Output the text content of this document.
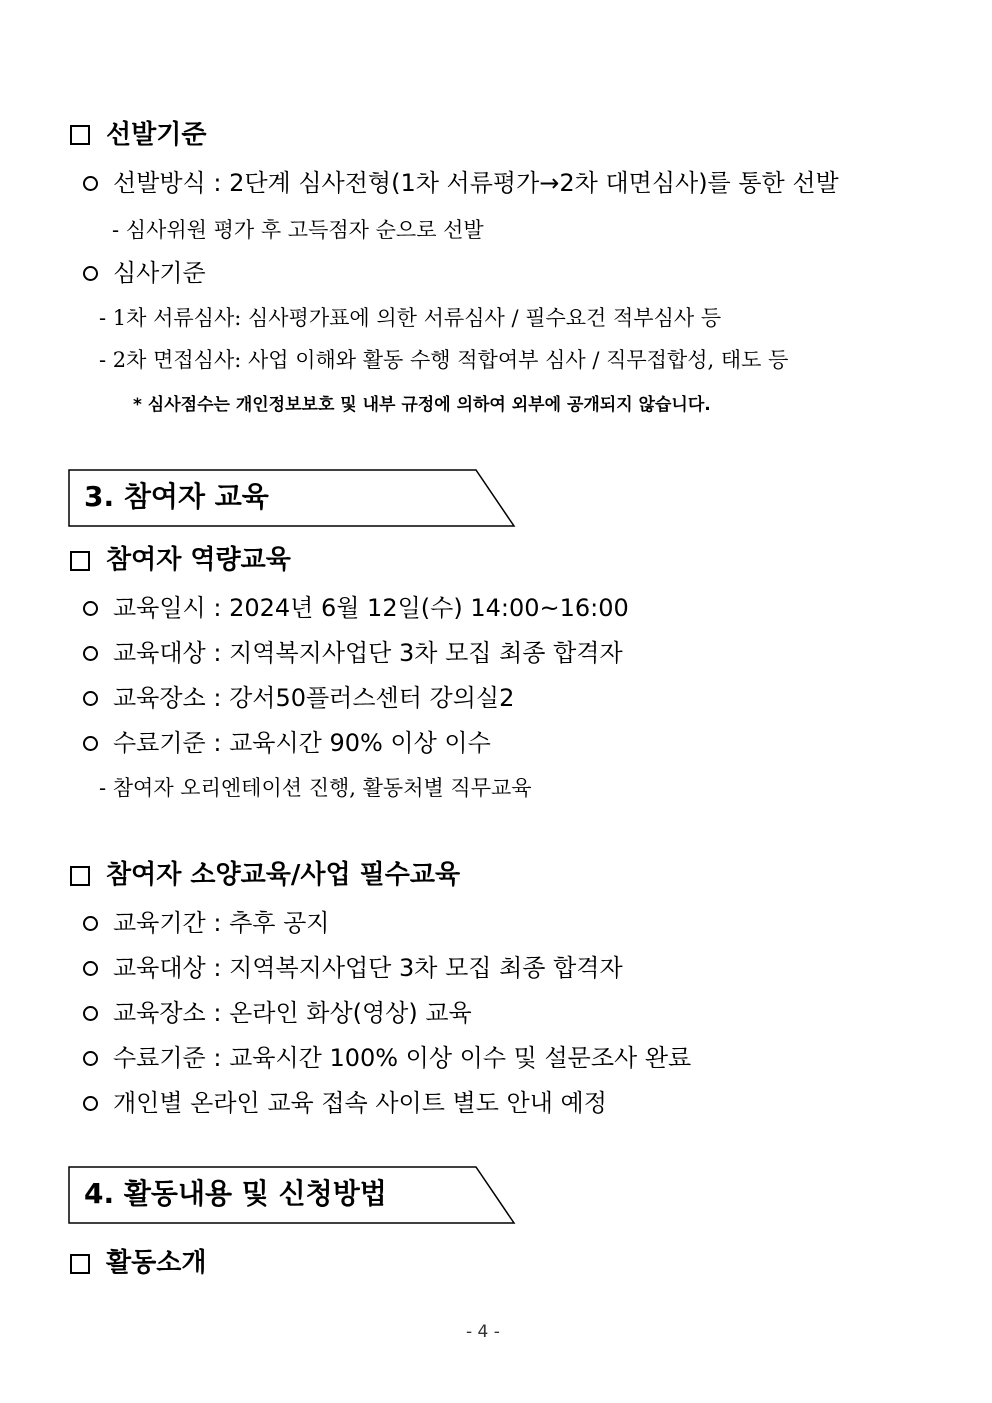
선발기준
선발방식 : 2단계 심사전형(1차 서류평가→2차 대면심사)를 통한 선발
- 심사위원 평가 후 고득점자 순으로 선발
심사기준
- 1차 서류심사: 심사평가표에 의한 서류심사 / 필수요건 적부심사 등
- 2차 면접심사: 사업 이해와 활동 수행 적합여부 심사 / 직무접합성, 태도 등
* 심사점수는 개인정보보호 및 내부 규정에 의하여 외부에 공개되지 않습니다.
3. 참여자 교육
참여자 역량교육
교육일시 : 2024년 6월 12일(수) 14:00~16:00
교육대상 : 지역복지사업단 3차 모집 최종 합격자
교육장소 : 강서50플러스센터 강의실2
수료기준 : 교육시간 90% 이상 이수
- 참여자 오리엔테이션 진행, 활동처별 직무교육
참여자 소양교육/사업 필수교육
교육기간 : 추후 공지
교육대상 : 지역복지사업단 3차 모집 최종 합격자
교육장소 : 온라인 화상(영상) 교육
수료기준 : 교육시간 100% 이상 이수 및 설문조사 완료
개인별 온라인 교육 접속 사이트 별도 안내 예정
4. 활동내용 및 신청방법
활동소개
- 4 -
